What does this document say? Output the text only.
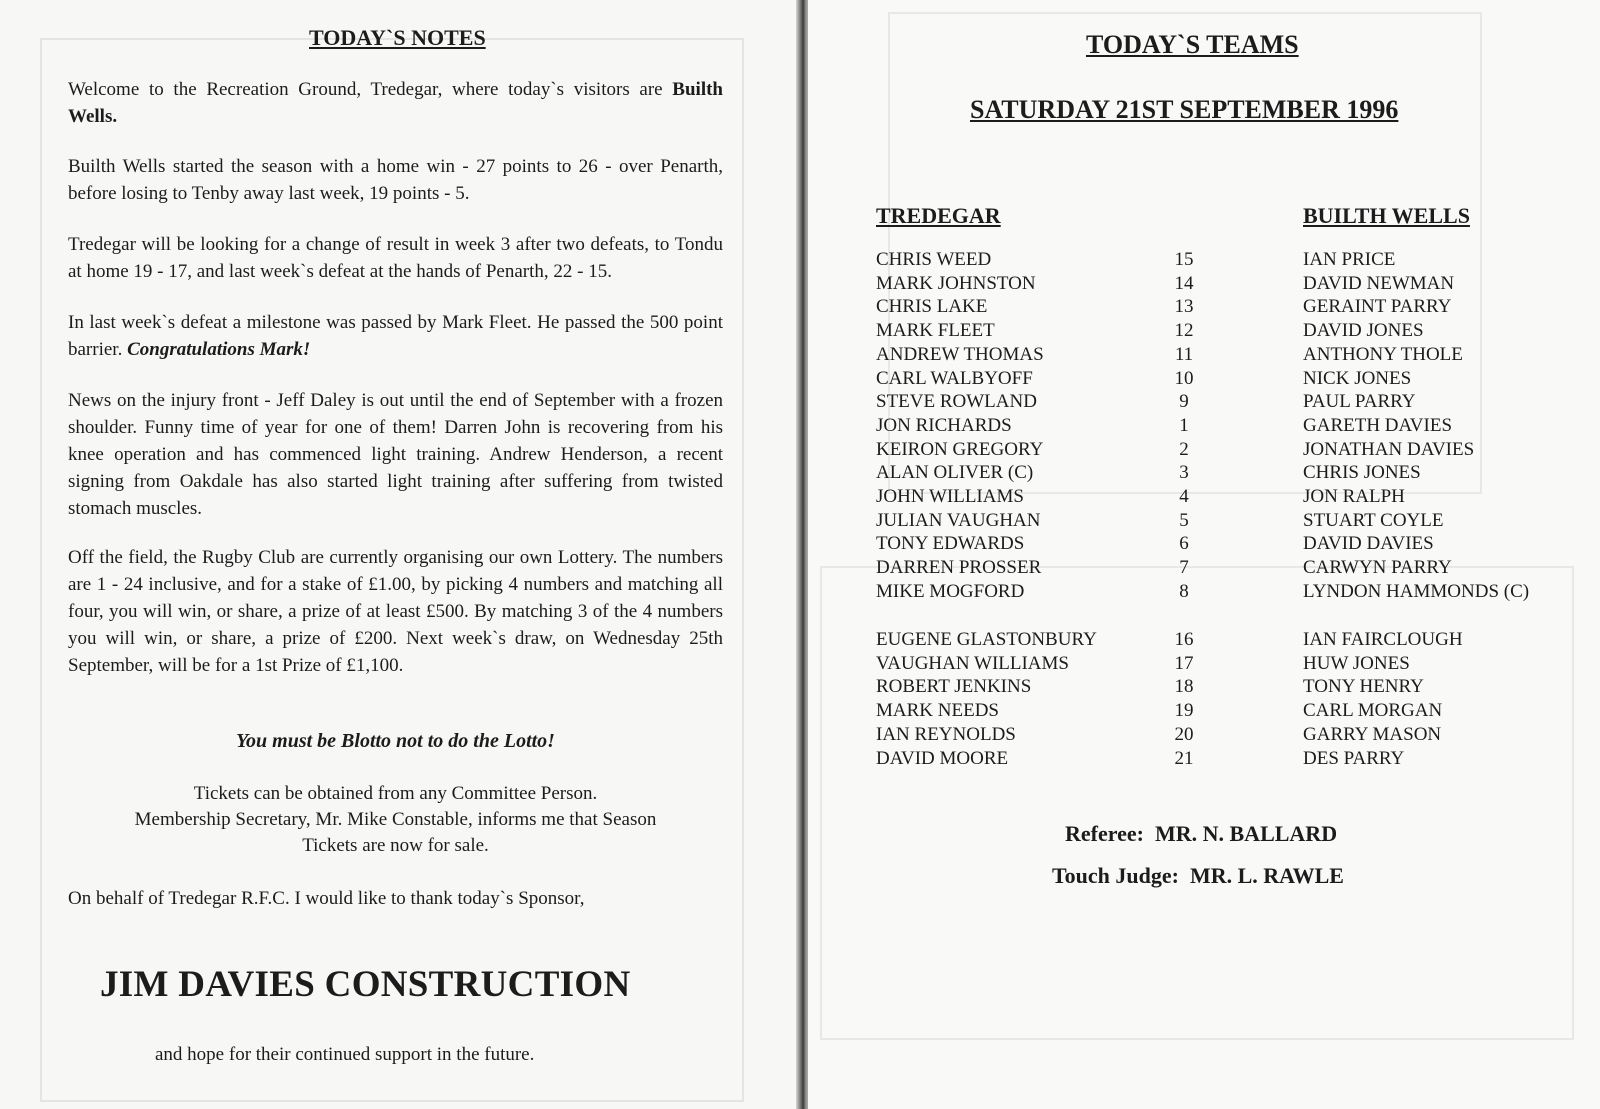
TODAY`S NOTES

Welcome to the Recreation Ground, Tredegar, where today`s visitors are Builth Wells.

Builth Wells started the season with a home win - 27 points to 26 - over Penarth, before losing to Tenby away last week, 19 points - 5.

Tredegar will be looking for a change of result in week 3 after two defeats, to Tondu at home 19 - 17, and last week`s defeat at the hands of Penarth, 22 - 15.

In last week`s defeat a milestone was passed by Mark Fleet. He passed the 500 point barrier. Congratulations Mark!

News on the injury front - Jeff Daley is out until the end of September with a frozen shoulder. Funny time of year for one of them! Darren John is recovering from his knee operation and has commenced light training. Andrew Henderson, a recent signing from Oakdale has also started light training after suffering from twisted stomach muscles.

Off the field, the Rugby Club are currently organising our own Lottery. The numbers are 1 - 24 inclusive, and for a stake of £1.00, by picking 4 numbers and matching all four, you will win, or share, a prize of at least £500. By matching 3 of the 4 numbers you will win, or share, a prize of £200. Next week`s draw, on Wednesday 25th September, will be for a 1st Prize of £1,100.

You must be Blotto not to do the Lotto!

Tickets can be obtained from any Committee Person.

Membership Secretary, Mr. Mike Constable, informs me that Season

Tickets are now for sale.

On behalf of Tredegar R.F.C. I would like to thank today`s Sponsor,

JIM DAVIES CONSTRUCTION

and hope for their continued support in the future.

TODAY`S TEAMS
SATURDAY 21ST SEPTEMBER 1996
TREDEGAR	BUILTH WELLS
CHRIS WEED	15	IAN PRICE
MARK JOHNSTON	14	DAVID NEWMAN
CHRIS LAKE	13	GERAINT PARRY
MARK FLEET	12	DAVID JONES
ANDREW THOMAS	11	ANTHONY THOLE
CARL WALBYOFF	10	NICK JONES
STEVE ROWLAND	9	PAUL PARRY
JON RICHARDS	1	GARETH DAVIES
KEIRON GREGORY	2	JONATHAN DAVIES
ALAN OLIVER (C)	3	CHRIS JONES
JOHN WILLIAMS	4	JON RALPH
JULIAN VAUGHAN	5	STUART COYLE
TONY EDWARDS	6	DAVID DAVIES
DARREN PROSSER	7	CARWYN PARRY
MIKE MOGFORD	8	LYNDON HAMMONDS (C)
EUGENE GLASTONBURY	16	IAN FAIRCLOUGH
VAUGHAN WILLIAMS	17	HUW JONES
ROBERT JENKINS	18	TONY HENRY
MARK NEEDS	19	CARL MORGAN
IAN REYNOLDS	20	GARRY MASON
DAVID MOORE	21	DES PARRY
Referee: MR. N. BALLARD
Touch Judge: MR. L. RAWLE
